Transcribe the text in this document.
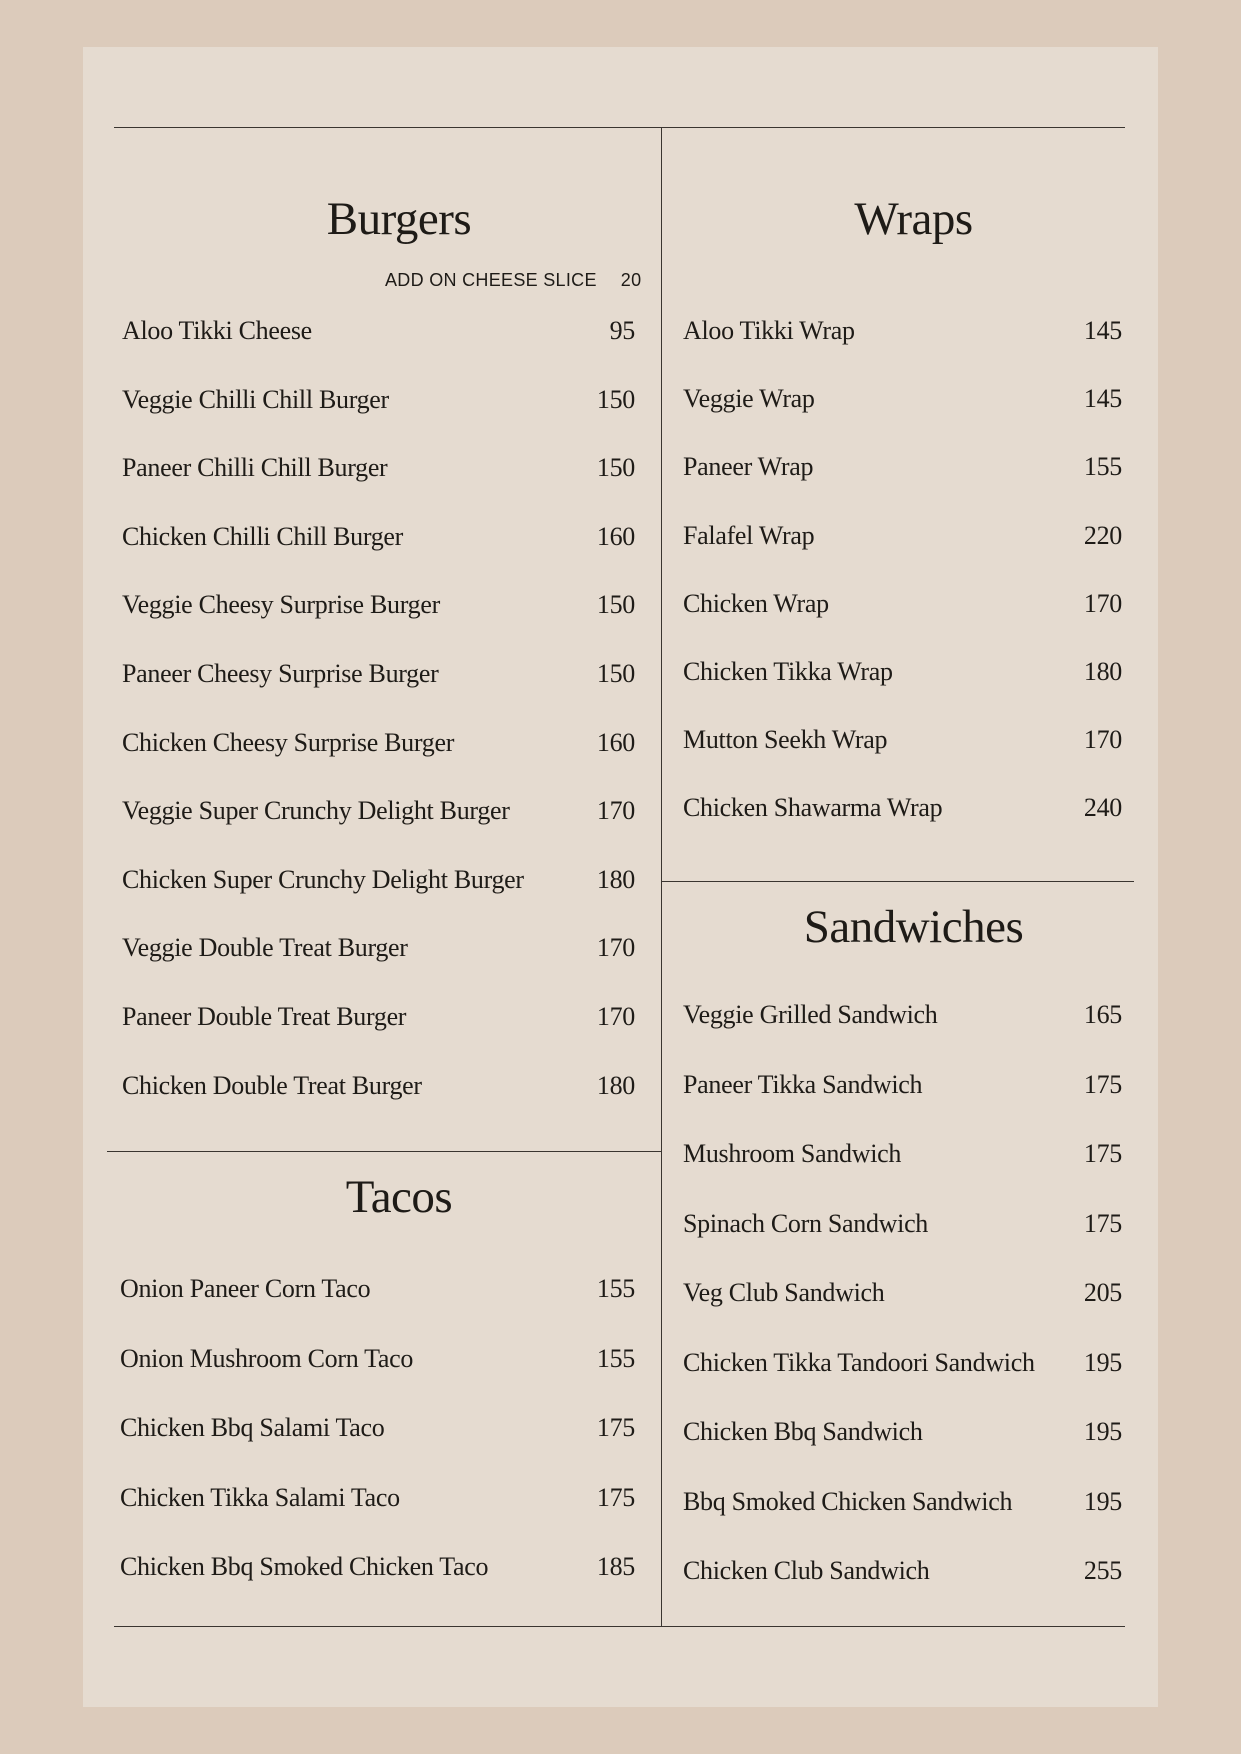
Burgers
ADD ON CHEESE SLICE 20
Aloo Tikki Cheese	95
Veggie Chilli Chill Burger	150
Paneer Chilli Chill Burger	150
Chicken Chilli Chill Burger	160
Veggie Cheesy Surprise Burger	150
Paneer Cheesy Surprise Burger	150
Chicken Cheesy Surprise Burger	160
Veggie Super Crunchy Delight Burger	170
Chicken Super Crunchy Delight Burger	180
Veggie Double Treat Burger	170
Paneer Double Treat Burger	170
Chicken Double Treat Burger	180
Tacos
Onion Paneer Corn Taco	155
Onion Mushroom Corn Taco	155
Chicken Bbq Salami Taco	175
Chicken Tikka Salami Taco	175
Chicken Bbq Smoked Chicken Taco	185
Wraps
Aloo Tikki Wrap	145
Veggie Wrap	145
Paneer Wrap	155
Falafel Wrap	220
Chicken Wrap	170
Chicken Tikka Wrap	180
Mutton Seekh Wrap	170
Chicken Shawarma Wrap	240
Sandwiches
Veggie Grilled Sandwich	165
Paneer Tikka Sandwich	175
Mushroom Sandwich	175
Spinach Corn Sandwich	175
Veg Club Sandwich	205
Chicken Tikka Tandoori Sandwich 195
Chicken Bbq Sandwich	195
Bbq Smoked Chicken Sandwich	195
Chicken Club Sandwich	255
